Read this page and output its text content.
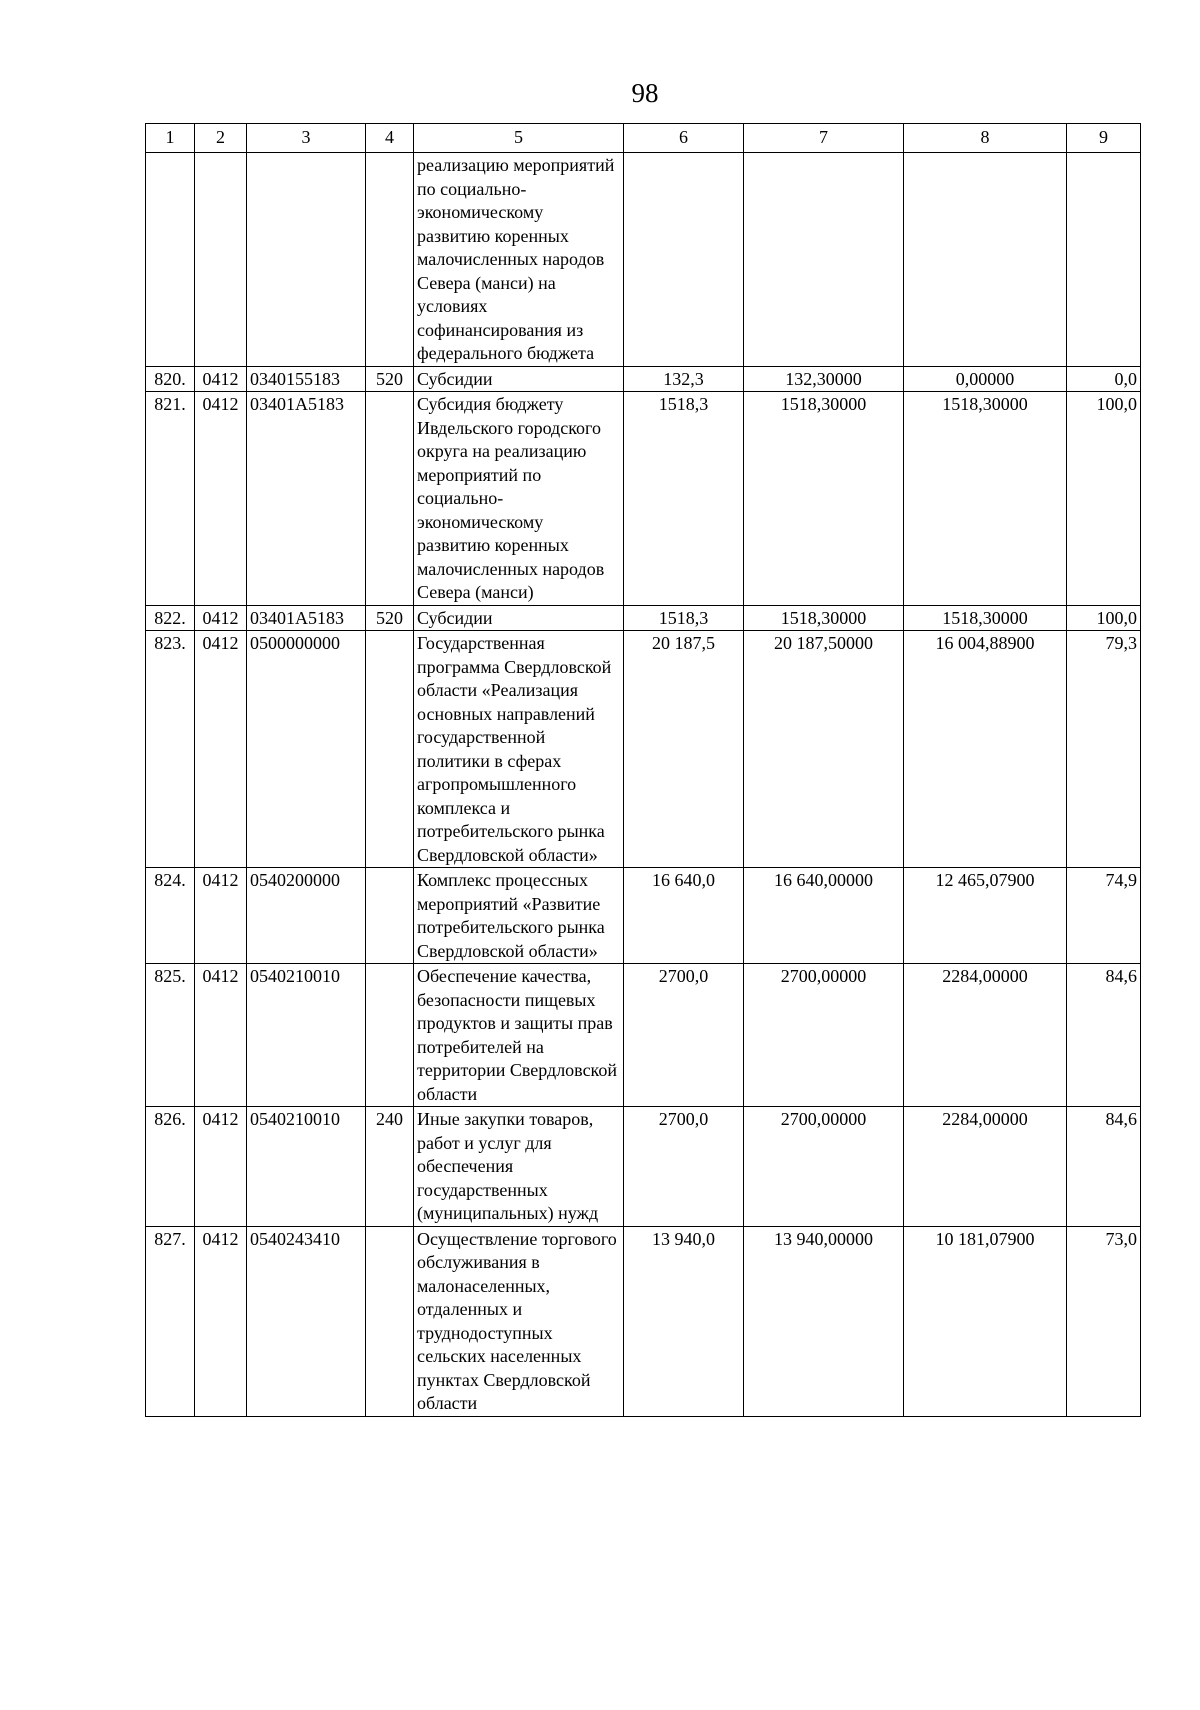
98
1	2	3	4	5	6	7	8	9
				реализацию мероприятий по социально-экономическому развитию коренных малочисленных народов Севера (манси) на условиях софинансирования из федерального бюджета				
820.	0412	0340155183	520	Субсидии	132,3	132,30000	0,00000	0,0
821.	0412	03401A5183		Субсидия бюджету Ивдельского городского округа на реализацию мероприятий по социально-экономическому развитию коренных малочисленных народов Севера (манси)	1518,3	1518,30000	1518,30000	100,0
822.	0412	03401A5183	520	Субсидии	1518,3	1518,30000	1518,30000	100,0
823.	0412	0500000000		Государственная программа Свердловской области «Реализация основных направлений государственной политики в сферах агропромышленного комплекса и потребительского рынка Свердловской области»	20 187,5	20 187,50000	16 004,88900	79,3
824.	0412	0540200000		Комплекс процессных мероприятий «Развитие потребительского рынка Свердловской области»	16 640,0	16 640,00000	12 465,07900	74,9
825.	0412	0540210010		Обеспечение качества, безопасности пищевых продуктов и защиты прав потребителей на территории Свердловской области	2700,0	2700,00000	2284,00000	84,6
826.	0412	0540210010	240	Иные закупки товаров, работ и услуг для обеспечения государственных (муниципальных) нужд	2700,0	2700,00000	2284,00000	84,6
827.	0412	0540243410		Осуществление торгового обслуживания в малонаселенных, отдаленных и труднодоступных сельских населенных пунктах Свердловской области	13 940,0	13 940,00000	10 181,07900	73,0
